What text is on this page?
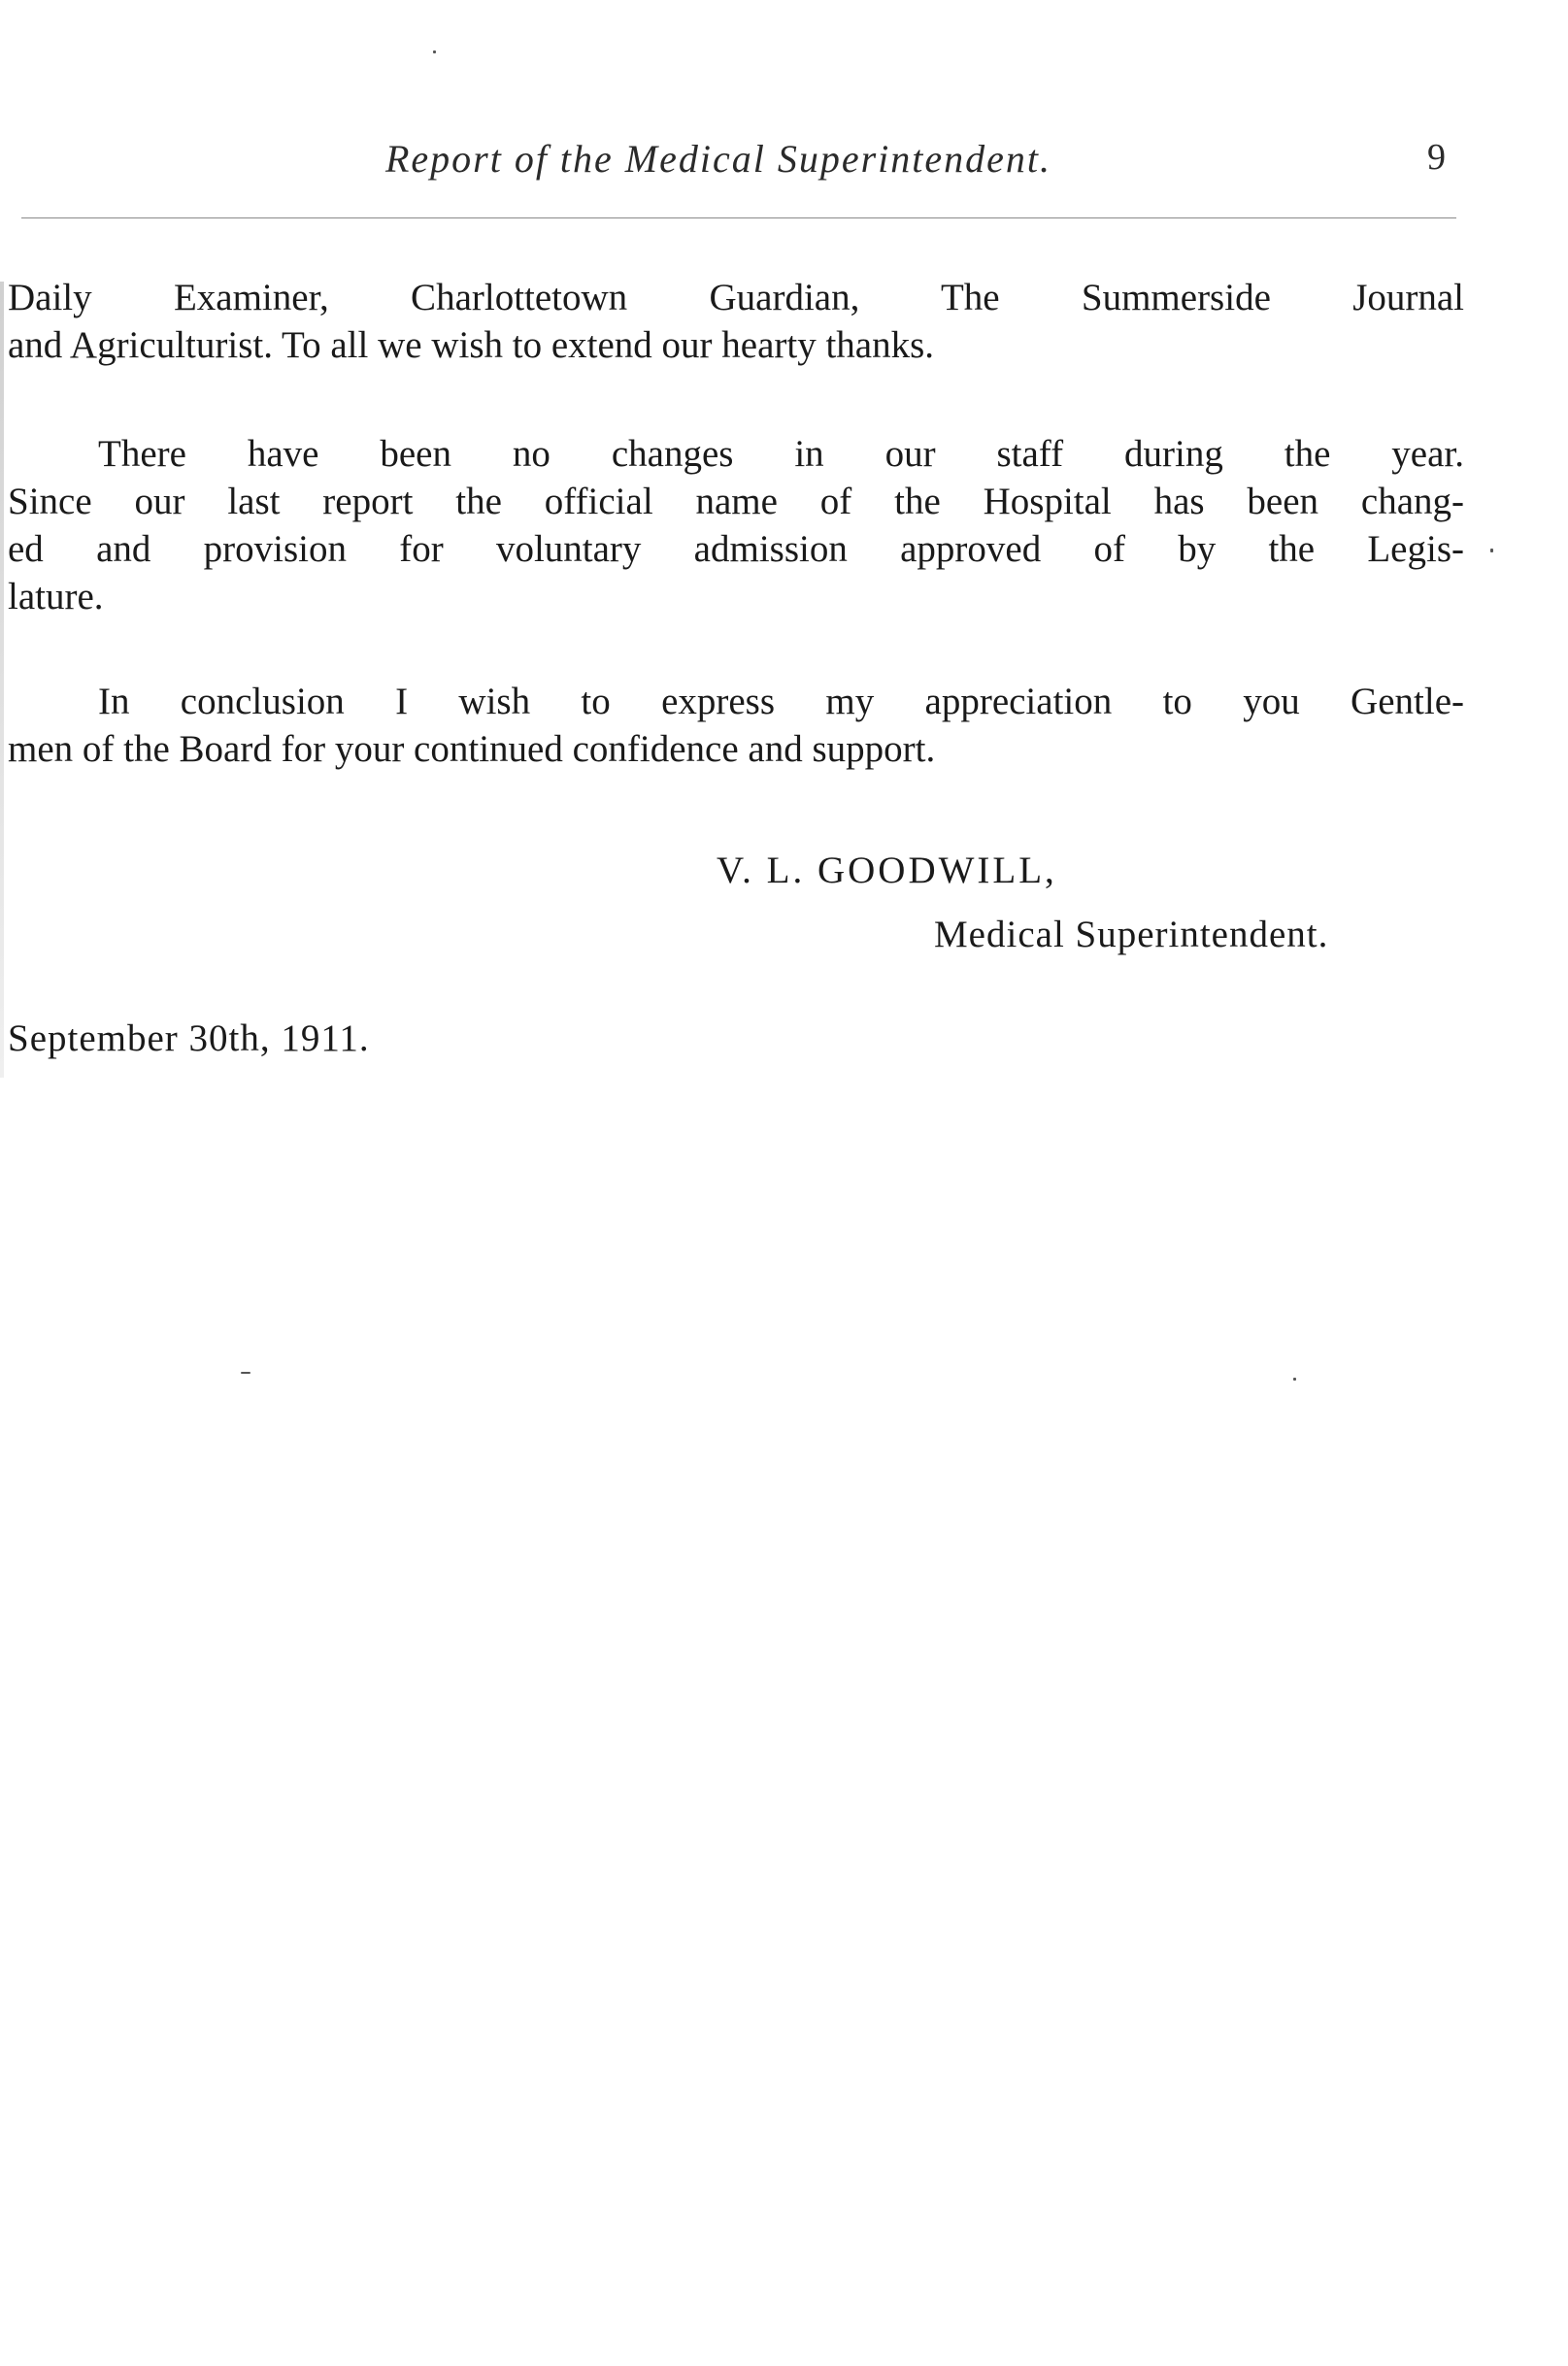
Report of the Medical Superintendent.	9
Daily Examiner, Charlottetown Guardian, The Summerside Journal
and Agriculturist. To all we wish to extend our hearty thanks.
There have been no changes in our staff during the year.
Since our last report the official name of the Hospital has been chang-
ed and provision for voluntary admission approved of by the Legis-
lature.
In conclusion I wish to express my appreciation to you Gentle-
men of the Board for your continued confidence and support.
V. L. GOODWILL,
Medical Superintendent.
September 30th, 1911.
